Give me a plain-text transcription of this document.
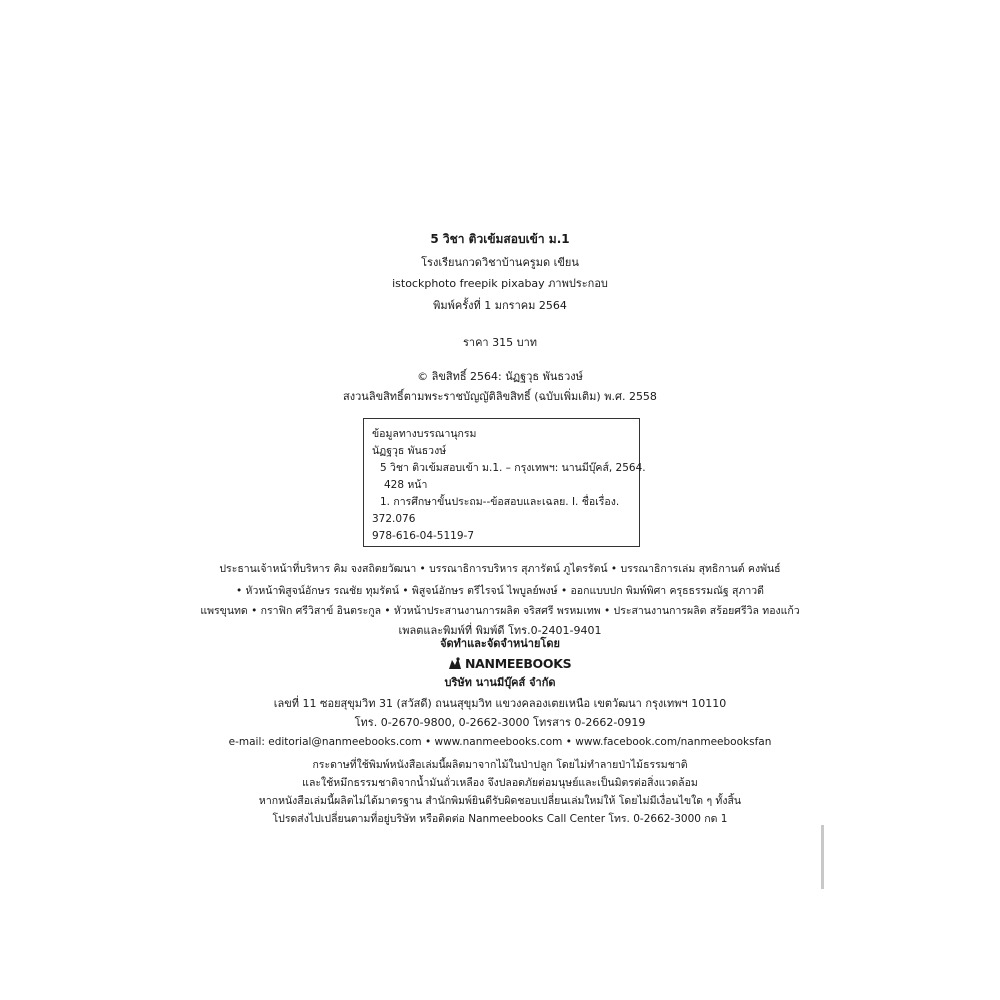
5 วิชา ติวเข้มสอบเข้า ม.1
โรงเรียนกวดวิชาบ้านครูมด เขียน
istockphoto freepik pixabay ภาพประกอบ
พิมพ์ครั้งที่ 1 มกราคม 2564
ราคา 315 บาท
© ลิขสิทธิ์ 2564: นัฏฐวุธ พันธวงษ์
สงวนลิขสิทธิ์ตามพระราชบัญญัติลิขสิทธิ์ (ฉบับเพิ่มเติม) พ.ศ. 2558
ข้อมูลทางบรรณานุกรม
นัฏฐวุธ พันธวงษ์
5 วิชา ติวเข้มสอบเข้า ม.1. – กรุงเทพฯ: นานมีบุ๊คส์, 2564.
428 หน้า
1. การศึกษาขั้นประถม--ข้อสอบและเฉลย. I. ชื่อเรื่อง.
372.076
978-616-04-5119-7
ประธานเจ้าหน้าที่บริหาร คิม จงสถิตยวัฒนา • บรรณาธิการบริหาร สุภารัตน์ ภูไตรรัตน์ • บรรณาธิการเล่ม สุทธิกานต์ คงพันธ์
• หัวหน้าพิสูจน์อักษร รณชัย ทุมรัตน์ • พิสูจน์อักษร ตรีไรจน์ ไพบูลย์พงษ์ • ออกแบบปก พิมพ์พิศา ครุธธรรมณัฐ สุภาวดี
แพรขุนทด • กราฟิก ศรีวิสาข์ อินตระกูล • หัวหน้าประสานงานการผลิต จริสศรี พรหมเทพ • ประสานงานการผลิต สร้อยศรีวิล ทองแก้ว
เพลตและพิมพ์ที่ พิมพ์ดี โทร.0-2401-9401
จัดทำและจัดจำหน่ายโดย
NANMEEBOOKS
บริษัท นานมีบุ๊คส์ จำกัด
เลขที่ 11 ซอยสุขุมวิท 31 (สวัสดี) ถนนสุขุมวิท แขวงคลองเตยเหนือ เขตวัฒนา กรุงเทพฯ 10110
โทร. 0-2670-9800, 0-2662-3000 โทรสาร 0-2662-0919
e-mail: editorial@nanmeebooks.com • www.nanmeebooks.com • www.facebook.com/nanmeebooksfan
กระดาษที่ใช้พิมพ์หนังสือเล่มนี้ผลิตมาจากไม้ในป่าปลูก โดยไม่ทำลายป่าไม้ธรรมชาติ
และใช้หมึกธรรมชาติจากน้ำมันถั่วเหลือง จึงปลอดภัยต่อมนุษย์และเป็นมิตรต่อสิ่งแวดล้อม
หากหนังสือเล่มนี้ผลิตไม่ได้มาตรฐาน สำนักพิมพ์ยินดีรับผิดชอบเปลี่ยนเล่มใหม่ให้ โดยไม่มีเงื่อนไขใด ๆ ทั้งสิ้น
โปรดส่งไปเปลี่ยนตามที่อยู่บริษัท หรือติดต่อ Nanmeebooks Call Center โทร. 0-2662-3000 กด 1
